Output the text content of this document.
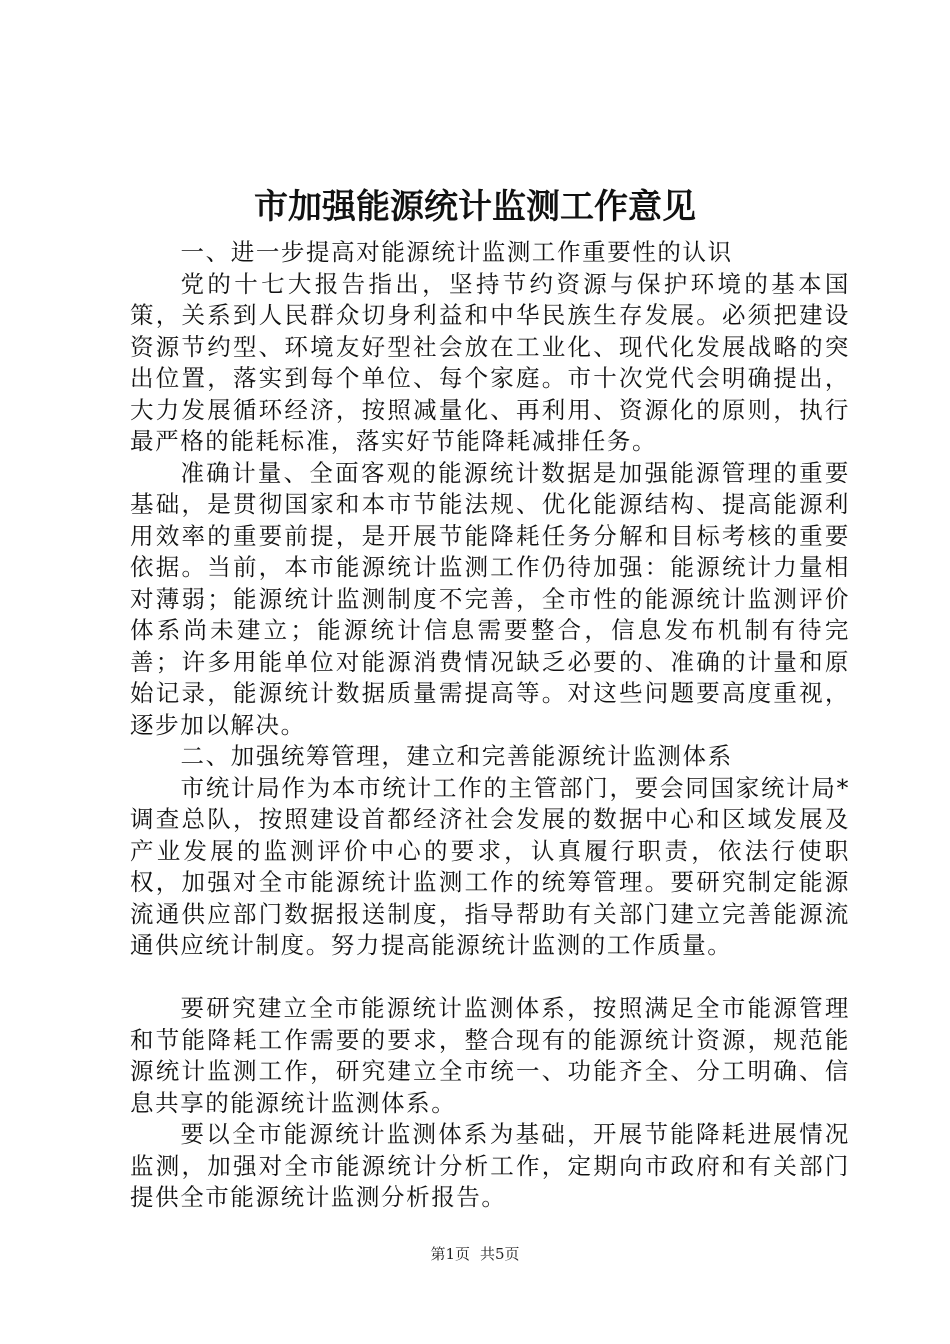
市加强能源统计监测工作意见

一、进一步提高对能源统计监测工作重要性的认识

党的十七大报告指出，坚持节约资源与保护环境的基本国策，关系到人民群众切身利益和中华民族生存发展。必须把建设资源节约型、环境友好型社会放在工业化、现代化发展战略的突出位置，落实到每个单位、每个家庭。市十次党代会明确提出，大力发展循环经济，按照减量化、再利用、资源化的原则，执行最严格的能耗标准，落实好节能降耗减排任务。

准确计量、全面客观的能源统计数据是加强能源管理的重要基础，是贯彻国家和本市节能法规、优化能源结构、提高能源利用效率的重要前提，是开展节能降耗任务分解和目标考核的重要依据。当前，本市能源统计监测工作仍待加强：能源统计力量相对薄弱；能源统计监测制度不完善，全市性的能源统计监测评价体系尚未建立；能源统计信息需要整合，信息发布机制有待完善；许多用能单位对能源消费情况缺乏必要的、准确的计量和原始记录，能源统计数据质量需提高等。对这些问题要高度重视，逐步加以解决。

二、加强统筹管理，建立和完善能源统计监测体系

市统计局作为本市统计工作的主管部门，要会同国家统计局*调查总队，按照建设首都经济社会发展的数据中心和区域发展及产业发展的监测评价中心的要求，认真履行职责，依法行使职权，加强对全市能源统计监测工作的统筹管理。要研究制定能源流通供应部门数据报送制度，指导帮助有关部门建立完善能源流通供应统计制度。努力提高能源统计监测的工作质量。

要研究建立全市能源统计监测体系，按照满足全市能源管理和节能降耗工作需要的要求，整合现有的能源统计资源，规范能源统计监测工作，研究建立全市统一、功能齐全、分工明确、信息共享的能源统计监测体系。

要以全市能源统计监测体系为基础，开展节能降耗进展情况监测，加强对全市能源统计分析工作，定期向市政府和有关部门提供全市能源统计监测分析报告。

第1页 共5页
